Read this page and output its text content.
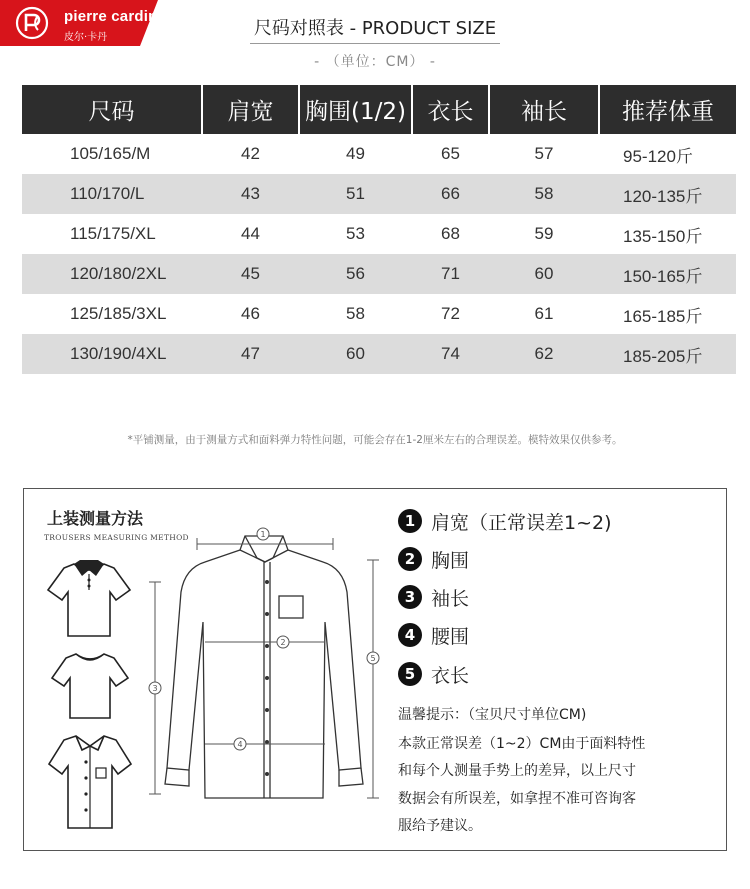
pierre cardin
皮尔·卡丹	尺码对照表 - PRODUCT SIZE
- （单位：CM） -
尺码	肩宽	胸围(1/2)	衣长	袖长	推荐体重
105/165/M	42	49	65	57	95-120斤
110/170/L	43	51	66	58	120-135斤
115/175/XL	44	53	68	59	135-150斤
120/180/2XL	45	56	71	60	150-165斤
125/185/3XL	46	58	72	61	165-185斤
130/190/4XL	47	60	74	62	185-205斤
*平铺测量，由于测量方式和面料弹力特性问题，可能会存在1-2厘米左右的合理误差。模特效果仅供参考。
上装测量方法
TROUSERS MEASURING METHOD	1
2
3
4
5
1 肩宽（正常误差1~2)
2 胸围
3 袖长
4 腰围
5 衣长
温馨提示：（宝贝尺寸单位CM)
本款正常误差（1~2）CM由于面料特性
和每个人测量手势上的差异，以上尺寸
数据会有所误差，如拿捏不准可咨询客
服给予建议。
